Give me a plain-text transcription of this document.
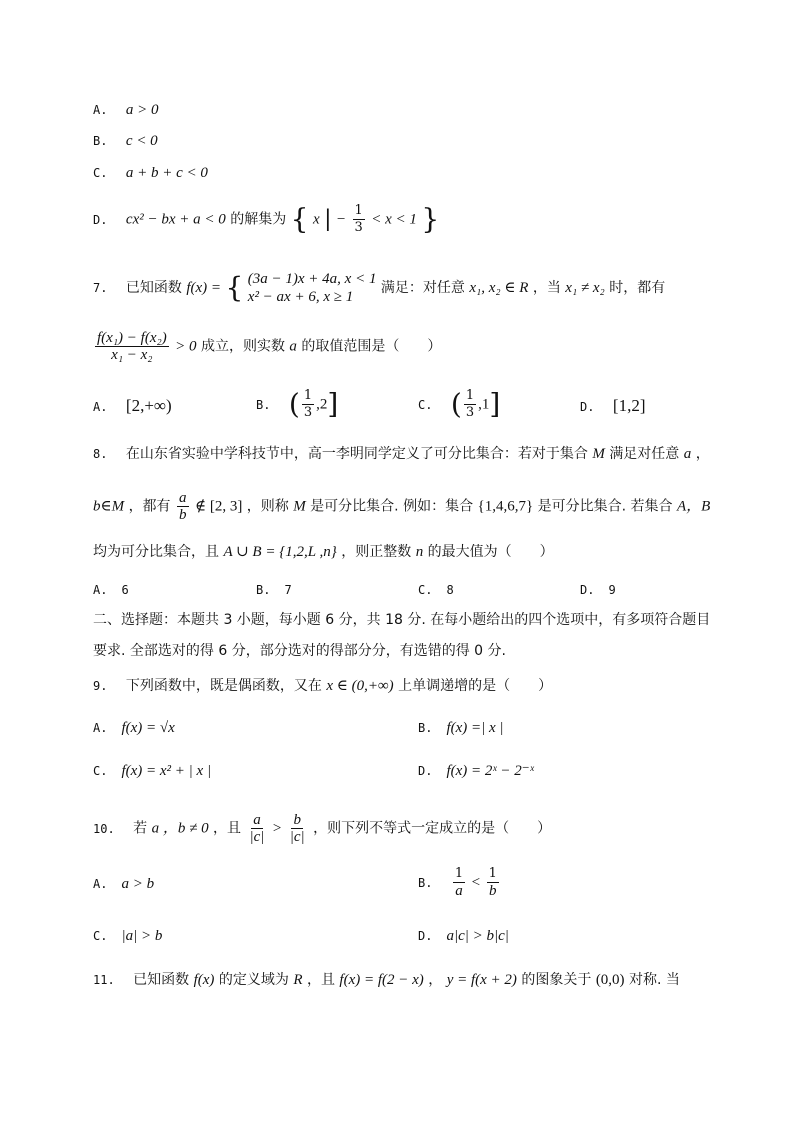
A. a > 0
B. c < 0
C. a + b + c < 0
D. cx² − bx + a < 0 的解集为 { x | − $\frac{1}{3} < x < 1$ }
7. 已知函数 f(x) = { (3a − 1)x + 4a, x < 1
x² − ax + 6, x ≥ 1
满足：对任意 x₁, x₂ ∈ R ，当 x₁ ≠ x₂ 时，都有
$\frac{\text{f(x₁) − f(x₂)}}{\text{x₁ − x₂}} > 0$ 成立，则实数 a 的取值范围是（　　）
A. [2,+∞)	B. ( $\frac{1}{3} ,2$]	C. ( $\frac{1}{3} ,1$]	D. [1,2]
8. 在山东省实验中学科技节中，高一李明同学定义了可分比集合：若对于集合 M 满足对任意 a ，
b∈M ，都有 $\frac{a}{b}$ ∉ [2, 3] ，则称 M 是可分比集合. 例如：集合 {1,4,6,7} 是可分比集合. 若集合 A，B
均为可分比集合，且 A ∪ B = {1,2,L ,n} ，则正整数 n 的最大值为（　　）
A. 6	B. 7	C. 8	D. 9
二、选择题：本题共 3 小题，每小题 6 分，共 18 分. 在每小题给出的四个选项中，有多项符合题目
要求. 全部选对的得 6 分，部分选对的得部分分，有选错的得 0 分.
9. 下列函数中，既是偶函数，又在 x ∈ (0,+∞) 上单调递增的是（　　）
A. f(x) = √x	B. f(x) =| x |
C. f(x) = x² + | x |	D. f(x) = 2ˣ − 2⁻ˣ
10. 若 a ，b ≠ 0 ，且 $\frac{a}{|c|} > \frac{b}{|c|}$ ，则下列不等式一定成立的是（　　）
A. a > b	B. $\frac{1}{a} < \frac{1}{b}$
C. |a| > b	D. a|c| > b|c|
11. 已知函数 f(x) 的定义域为 R ，且 f(x) = f(2 − x) ， y = f(x + 2) 的图象关于 (0,0) 对称. 当
